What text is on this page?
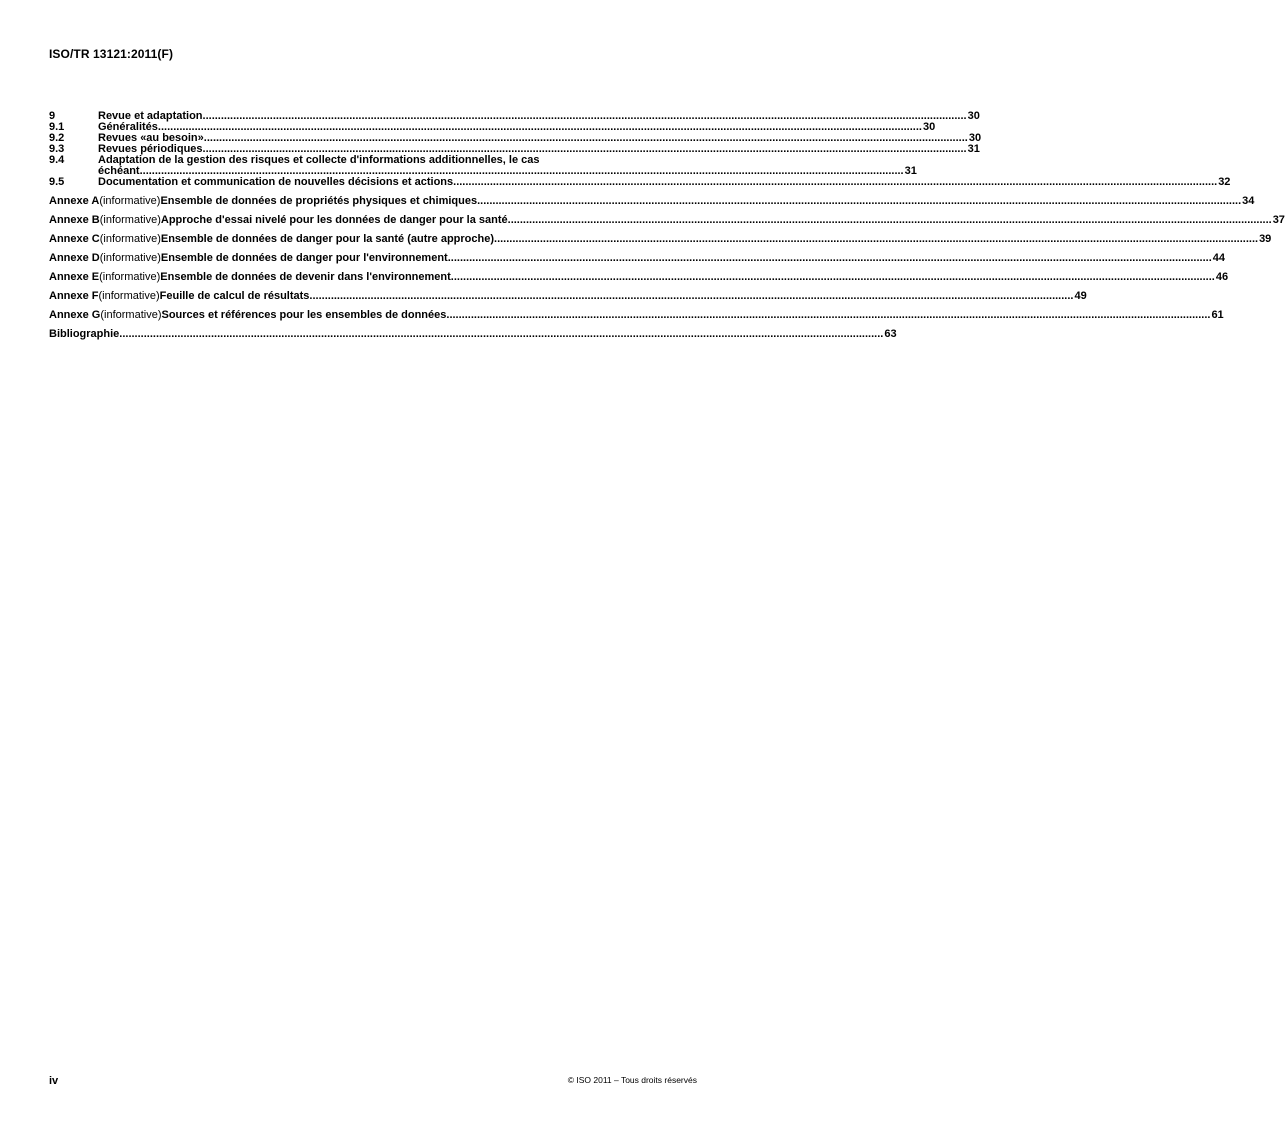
ISO/TR 13121:2011(F)
9	Revue et adaptation .....	30
9.1	Généralités .....	30
9.2	Revues «au besoin» .....	30
9.3	Revues périodiques .....	31
9.4	Adaptation de la gestion des risques et collecte d'informations additionnelles, le cas
échéant .....	31
9.5	Documentation et communication de nouvelles décisions et actions .....	32
Annexe A (informative) Ensemble de données de propriétés physiques et chimiques .....	34
Annexe B (informative) Approche d'essai nivelé pour les données de danger pour la santé .....	37
Annexe C (informative) Ensemble de données de danger pour la santé (autre approche) .....	39
Annexe D (informative) Ensemble de données de danger pour l'environnement .....	44
Annexe E (informative) Ensemble de données de devenir dans l'environnement .....	46
Annexe F (informative) Feuille de calcul de résultats .....	49
Annexe G (informative) Sources et références pour les ensembles de données .....	61
Bibliographie .....	63
iv	© ISO 2011 – Tous droits réservés
